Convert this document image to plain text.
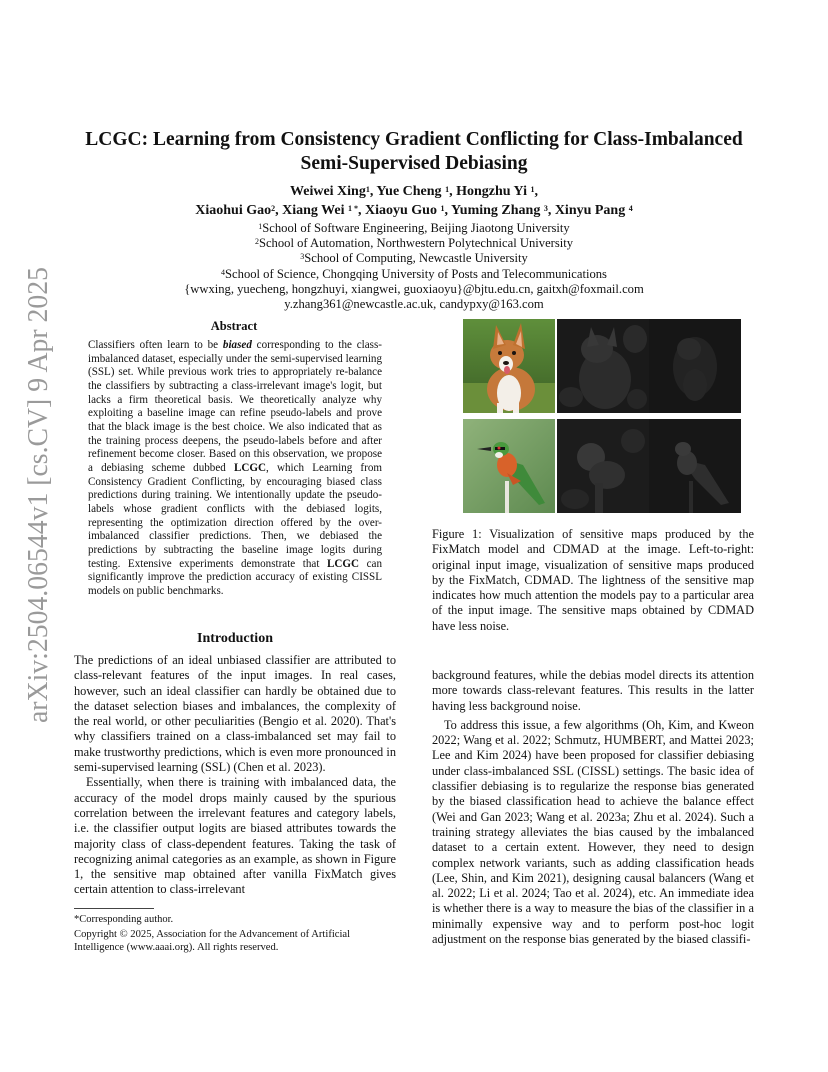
arXiv:2504.06544v1 [cs.CV] 9 Apr 2025
LCGC: Learning from Consistency Gradient Conflicting for Class-Imbalanced
Semi-Supervised Debiasing
Weiwei Xing$^1$, Yue Cheng $^1$, Hongzhu Yi $^1$,
Xiaohui Gao$^2$, Xiang Wei $^{1 *}$, Xiaoyu Guo $^1$, Yuming Zhang $^3$, Xinyu Pang $^4$
$^1$School of Software Engineering, Beijing Jiaotong University
$^2$School of Automation, Northwestern Polytechnical University
$^3$School of Computing, Newcastle University
$^4$School of Science, Chongqing University of Posts and Telecommunications
{wwxing, yuecheng, hongzhuyi, xiangwei, guoxiaoyu}@bjtu.edu.cn, gaitxh@foxmail.com
y.zhang361@newcastle.ac.uk, candypxy@163.com
Abstract

Classifiers often learn to be biased corresponding to the class-imbalanced dataset, especially under the semi-supervised learning (SSL) set. While previous work tries to appropriately re-balance the classifiers by subtracting a class-irrelevant image's logit, but lacks a firm theoretical basis. We theoretically analyze why exploiting a baseline image can refine pseudo-labels and prove that the black image is the best choice. We also indicated that as the training process deepens, the pseudo-labels before and after refinement become closer. Based on this observation, we propose a debiasing scheme dubbed LCGC, which Learning from Consistency Gradient Conflicting, by encouraging biased class predictions during training. We intentionally update the pseudo-labels whose gradient conflicts with the debiased logits, representing the optimization direction offered by the over-imbalanced classifier predictions. Then, we debiased the predictions by subtracting the baseline image logits during testing. Extensive experiments demonstrate that LCGC can significantly improve the prediction accuracy of existing CISSL models on public benchmarks.

Introduction

The predictions of an ideal unbiased classifier are attributed to class-relevant features of the input images. In real cases, however, such an ideal classifier can hardly be obtained due to the dataset selection biases and imbalances, the complexity of the real world, or other peculiarities (Bengio et al. 2020). That's why classifiers trained on a class-imbalanced set may fail to make trustworthy predictions, which is even more pronounced in semi-supervised learning (SSL) (Chen et al. 2023).

Essentially, when there is training with imbalanced data, the accuracy of the model drops mainly caused by the spurious correlation between the irrelevant features and category labels, i.e. the classifier output logits are biased attributes towards the majority class of class-dependent features. Taking the task of recognizing animal categories as an example, as shown in Figure 1, the sensitive map obtained after vanilla FixMatch gives certain attention to class-irrelevant

*Corresponding author.
Copyright © 2025, Association for the Advancement of Artificial Intelligence (www.aaai.org). All rights reserved.

Figure 1: Visualization of sensitive maps produced by the FixMatch model and CDMAD at the image. Left-to-right: original input image, visualization of sensitive maps produced by the FixMatch, CDMAD. The lightness of the sensitive map indicates how much attention the models pay to a particular area of the input image. The sensitive maps obtained by CDMAD have less noise.

background features, while the debias model directs its attention more towards class-relevant features. This results in the latter having less background noise.

To address this issue, a few algorithms (Oh, Kim, and Kweon 2022; Wang et al. 2022; Schmutz, HUMBERT, and Mattei 2023; Lee and Kim 2024) have been proposed for classifier debiasing under class-imbalanced SSL (CISSL) settings. The basic idea of classifier debiasing is to regularize the response bias generated by the biased classification head to achieve the balance effect (Wei and Gan 2023; Wang et al. 2023a; Zhu et al. 2024). Such a training strategy alleviates the bias caused by the imbalanced dataset to a certain extent. However, they need to design complex network variants, such as adding classification heads (Lee, Shin, and Kim 2021), designing causal balancers (Wang et al. 2022; Li et al. 2024; Tao et al. 2024), etc. An immediate idea is whether there is a way to measure the bias of the classifier in a minimally expensive way and to perform post-hoc logit adjustment on the response bias generated by the biased classifi-
